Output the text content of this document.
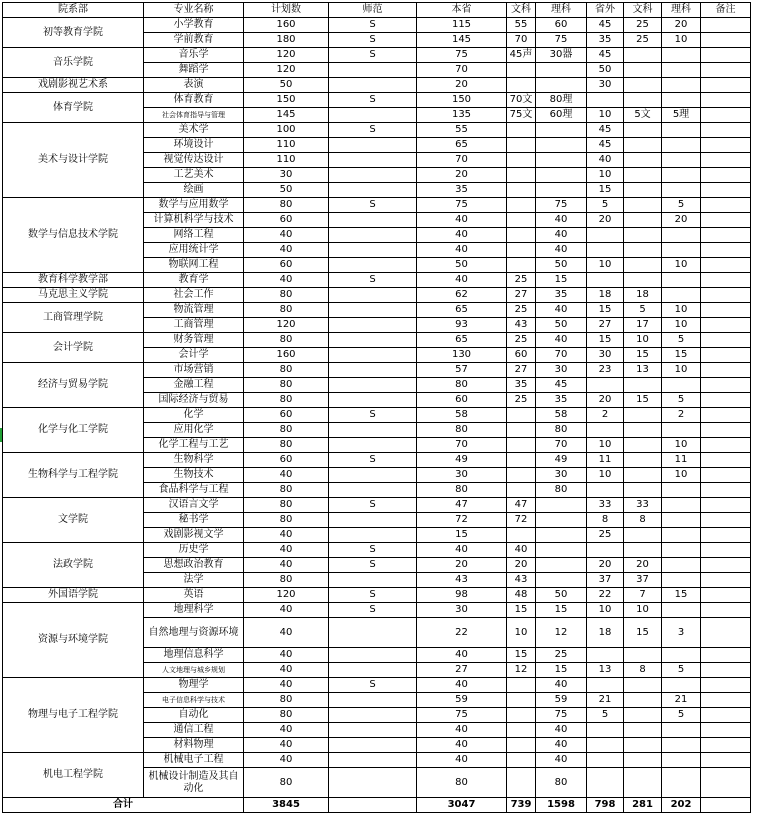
院系部	专业名称	计划数	师范	本省	文科	理科	省外	文科	理科	备注
初等教育学院	小学教育	160	S	115	55	60	45	25	20	
	学前教育	180	S	145	70	75	35	25	10	
音乐学院	音乐学	120	S	75	45声	30器	45			
	舞蹈学	120		70			50			
戏剧影视艺术系	表演	50		20			30			
体育学院	体育教育	150	S	150	70文	80理				
	社会体育指导与管理	145		135	75文	60理	10	5文	5理	
美术与设计学院	美术学	100	S	55			45			
	环境设计	110		65			45			
	视觉传达设计	110		70			40			
	工艺美术	30		20			10			
	绘画	50		35			15			
数学与信息技术学院	数学与应用数学	80	S	75		75	5		5	
	计算机科学与技术	60		40		40	20		20	
	网络工程	40		40		40				
	应用统计学	40		40		40				
	物联网工程	60		50		50	10		10	
教育科学教学部	教育学	40	S	40	25	15				
马克思主义学院	社会工作	80		62	27	35	18	18		
工商管理学院	物流管理	80		65	25	40	15	5	10	
	工商管理	120		93	43	50	27	17	10	
会计学院	财务管理	80		65	25	40	15	10	5	
	会计学	160		130	60	70	30	15	15	
经济与贸易学院	市场营销	80		57	27	30	23	13	10	
	金融工程	80		80	35	45				
	国际经济与贸易	80		60	25	35	20	15	5	
化学与化工学院	化学	60	S	58		58	2		2	
	应用化学	80		80		80				
	化学工程与工艺	80		70		70	10		10	
生物科学与工程学院	生物科学	60	S	49		49	11		11	
	生物技术	40		30		30	10		10	
	食品科学与工程	80		80		80				
文学院	汉语言文学	80	S	47	47		33	33		
	秘书学	80		72	72		8	8		
	戏剧影视文学	40		15			25			
法政学院	历史学	40	S	40	40					
	思想政治教育	40	S	20	20		20	20		
	法学	80		43	43		37	37		
外国语学院	英语	120	S	98	48	50	22	7	15	
资源与环境学院	地理科学	40	S	30	15	15	10	10		
	自然地理与资源环境	40		22	10	12	18	15	3	
	地理信息科学	40		40	15	25				
	人文地理与城乡规划	40		27	12	15	13	8	5	
物理与电子工程学院	物理学	40	S	40		40				
	电子信息科学与技术	80		59		59	21		21	
	自动化	80		75		75	5		5	
	通信工程	40		40		40				
	材料物理	40		40		40				
机电工程学院	机械电子工程	40		40		40				
	机械设计制造及其自动化	80		80		80				
合计		3845		3047	739	1598	798	281	202	
